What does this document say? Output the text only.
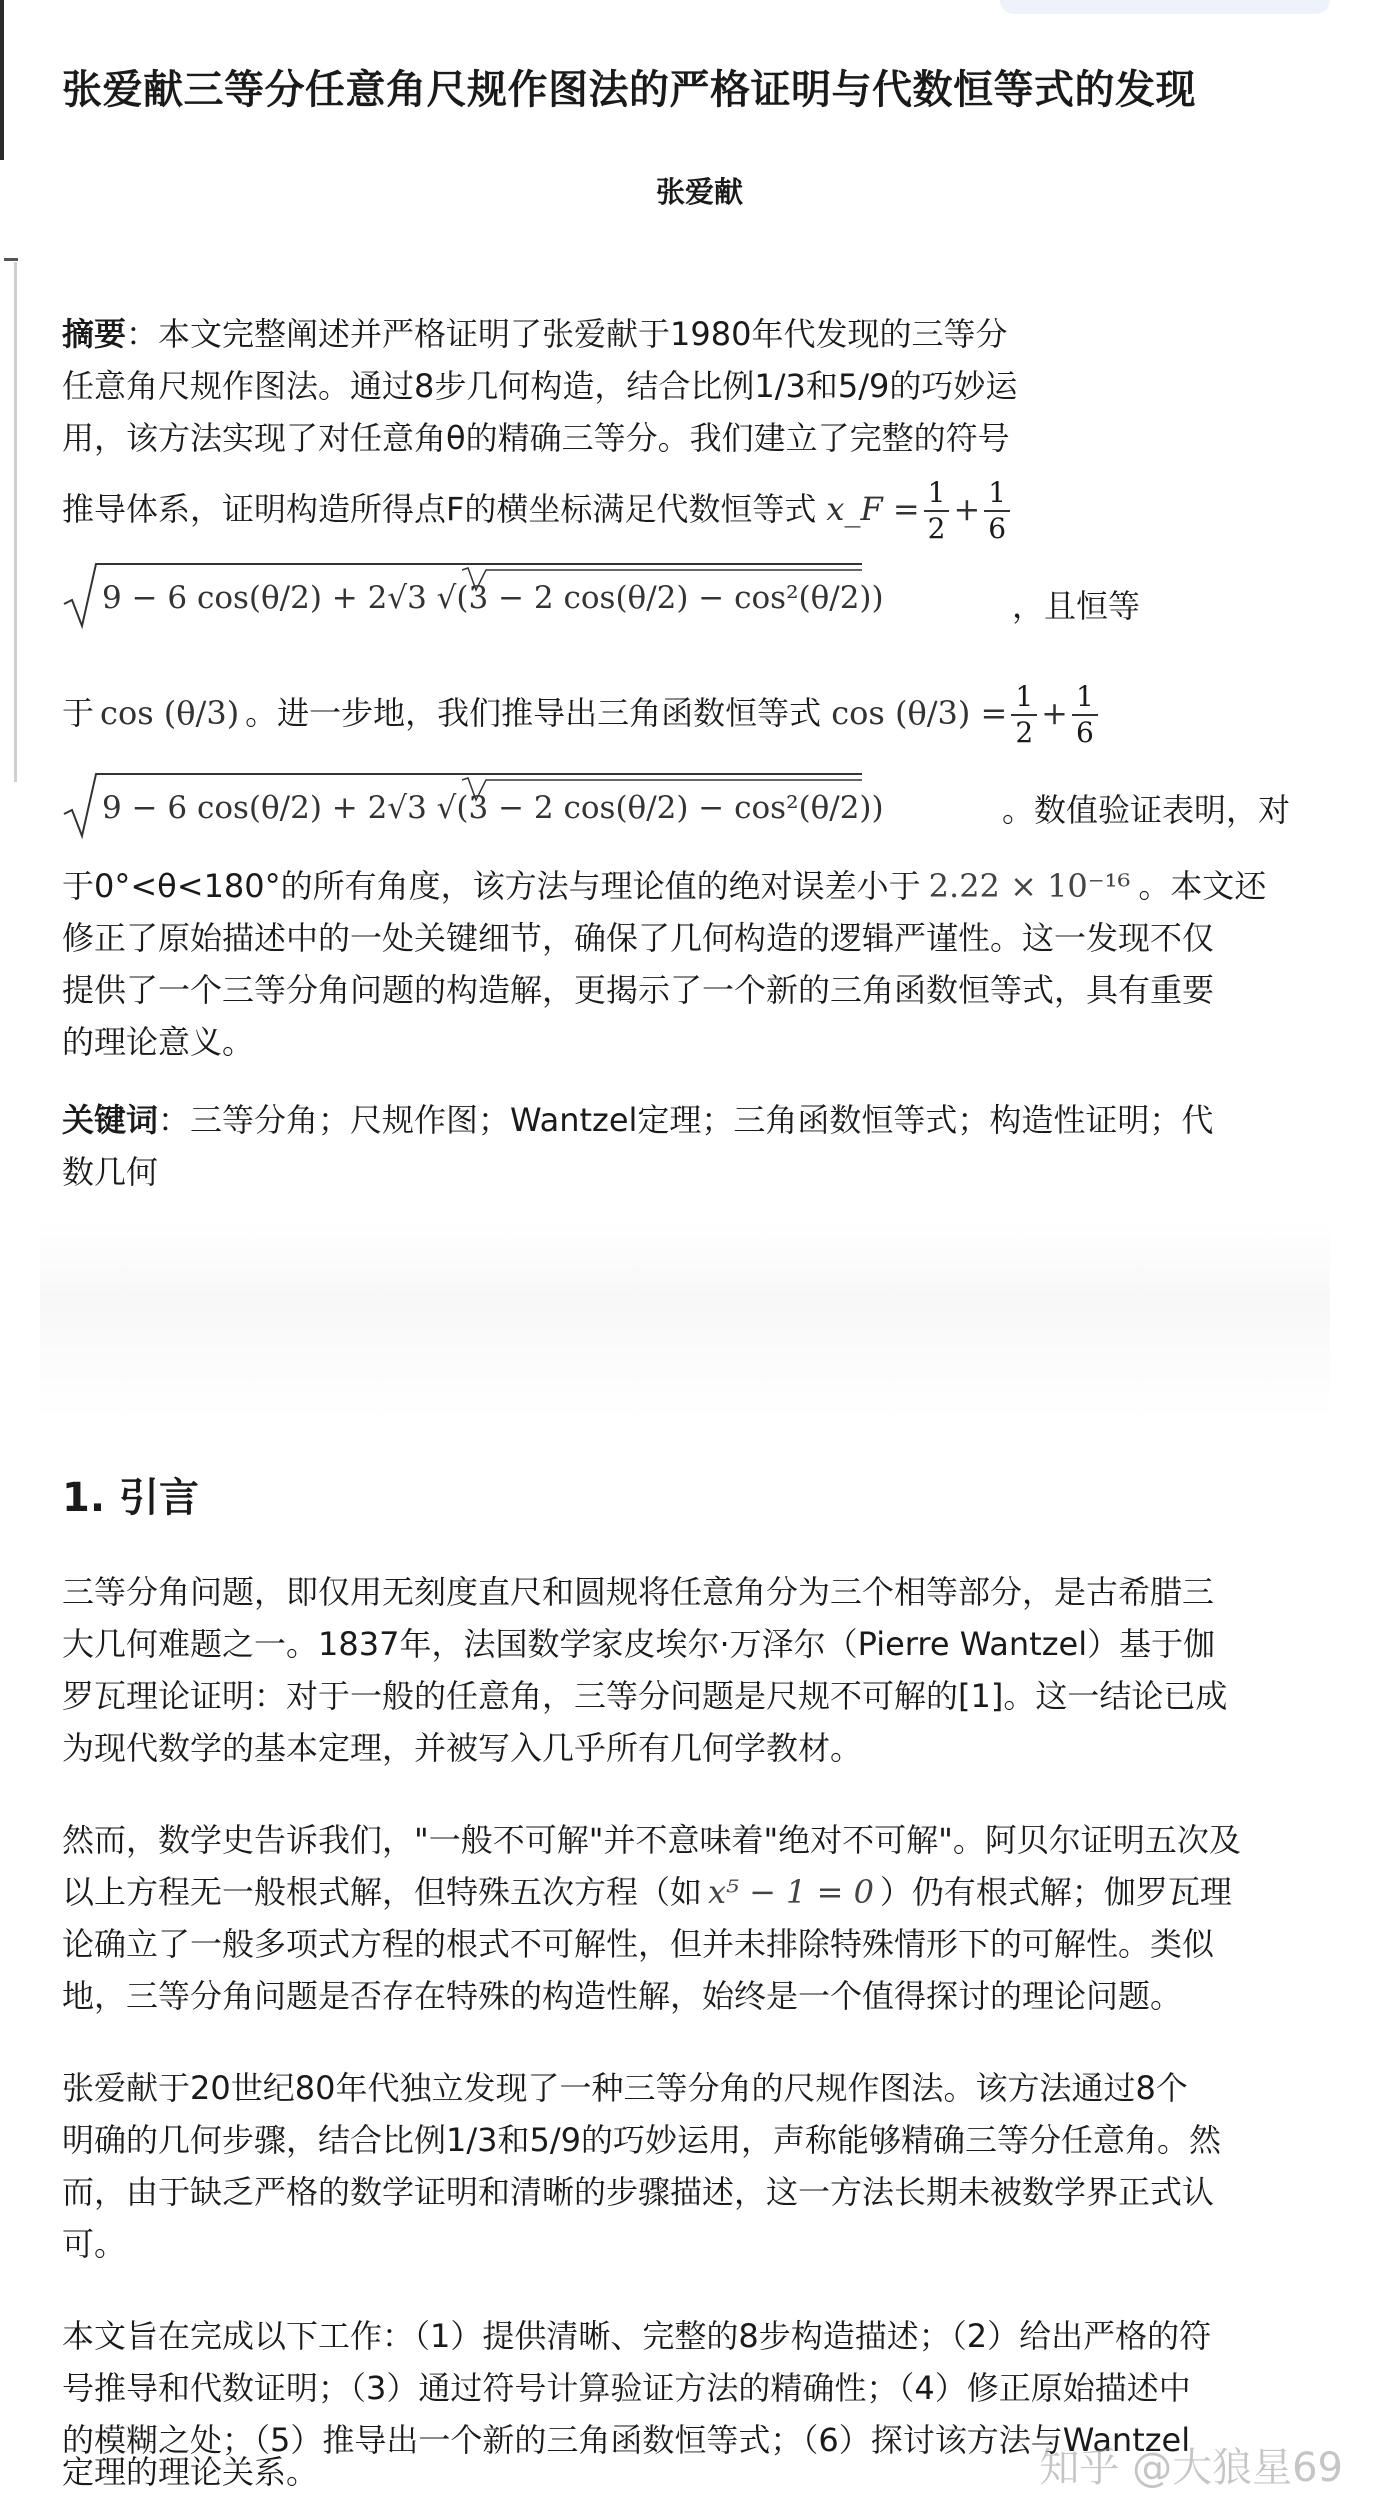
张爱献三等分任意角尺规作图法的严格证明与代数恒等式的发现
张爱献

摘要：本文完整阐述并严格证明了张爱献于1980年代发现的三等分

任意角尺规作图法。通过8步几何构造，结合比例1/3和5/9的巧妙运

用，该方法实现了对任意角θ的精确三等分。我们建立了完整的符号

推导体系，证明构造所得点F的横坐标满足代数恒等式 x_F = $\frac{1}{2} + \frac{1}{6}$

9 − 6 cos(θ/2) + 2√3 √(3 − 2 cos(θ/2) − cos²(θ/2))	，且恒等

于 cos (θ/3) 。进一步地，我们推导出三角函数恒等式 $\cos (\theta/3) = \frac{1}{2} + \frac{1}{6}$

9 − 6 cos(θ/2) + 2√3 √(3 − 2 cos(θ/2) − cos²(θ/2))	。数值验证表明，对

于0°<θ<180°的所有角度，该方法与理论值的绝对误差小于 2.22 × 10⁻¹⁶ 。本文还

修正了原始描述中的一处关键细节，确保了几何构造的逻辑严谨性。这一发现不仅

提供了一个三等分角问题的构造解，更揭示了一个新的三角函数恒等式，具有重要

的理论意义。

关键词：三等分角；尺规作图；Wantzel定理；三角函数恒等式；构造性证明；代

数几何

1. 引言

三等分角问题，即仅用无刻度直尺和圆规将任意角分为三个相等部分，是古希腊三

大几何难题之一。1837年，法国数学家皮埃尔·万泽尔（Pierre Wantzel）基于伽

罗瓦理论证明：对于一般的任意角，三等分问题是尺规不可解的[1]。这一结论已成

为现代数学的基本定理，并被写入几乎所有几何学教材。

然而，数学史告诉我们，"一般不可解"并不意味着"绝对不可解"。阿贝尔证明五次及

以上方程无一般根式解，但特殊五次方程（如 x⁵ − 1 = 0 ）仍有根式解；伽罗瓦理

论确立了一般多项式方程的根式不可解性，但并未排除特殊情形下的可解性。类似

地，三等分角问题是否存在特殊的构造性解，始终是一个值得探讨的理论问题。

张爱献于20世纪80年代独立发现了一种三等分角的尺规作图法。该方法通过8个

明确的几何步骤，结合比例1/3和5/9的巧妙运用，声称能够精确三等分任意角。然

而，由于缺乏严格的数学证明和清晰的步骤描述，这一方法长期未被数学界正式认

可。

本文旨在完成以下工作：（1）提供清晰、完整的8步构造描述；（2）给出严格的符

号推导和代数证明；（3）通过符号计算验证方法的精确性；（4）修正原始描述中

的模糊之处；（5）推导出一个新的三角函数恒等式；（6）探讨该方法与Wantzel

定理的理论关系。	知乎 @大狼星69
